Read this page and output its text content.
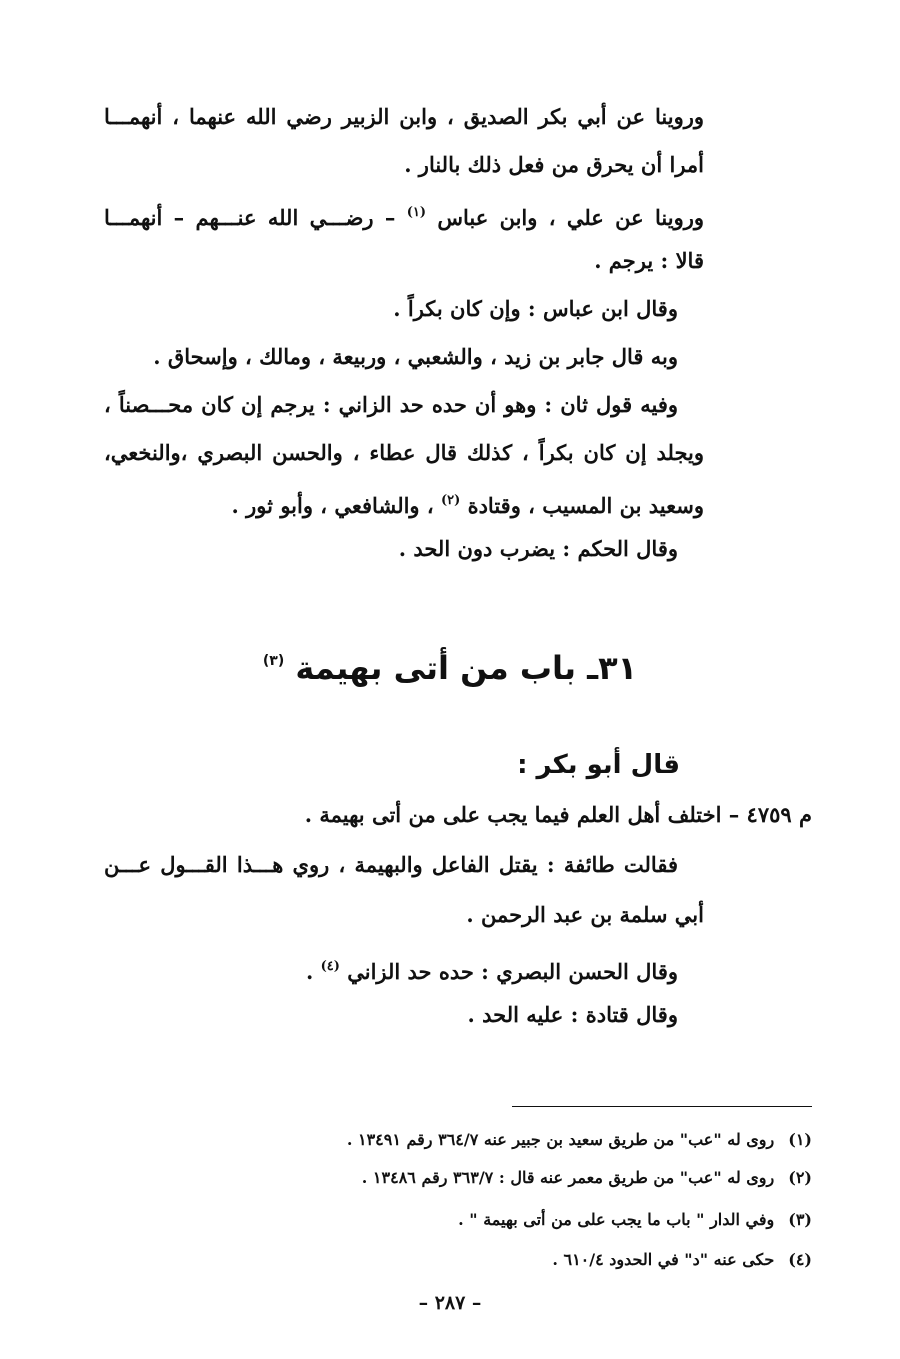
وروينا عن أبي بكر الصديق ، وابن الزبير رضي الله عنهما ، أنهمـــا
أمرا أن يحرق من فعل ذلك بالنار .
وروينا عن علي ، وابن عباس $^{(١)}$ – رضـــي الله عنـــهم – أنهمـــا
قالا : يرجم .
وقال ابن عباس : وإن كان بكراً .
وبه قال جابر بن زيد ، والشعبي ، وربيعة ، ومالك ، وإسحاق .
وفيه قول ثان : وهو أن حده حد الزاني : يرجم إن كان محـــصناً ،
ويجلد إن كان بكراً ، كذلك قال عطاء ، والحسن البصري ،والنخعي،
وسعيد بن المسيب ، وقتادة $^{(٢)}$ ، والشافعي ، وأبو ثور .
وقال الحكم : يضرب دون الحد .
٣١ـ باب من أتى بهيمة $^{(٣)}$
قال أبو بكر :
م ٤٧٥٩ – اختلف أهل العلم فيما يجب على من أتى بهيمة .
فقالت طائفة : يقتل الفاعل والبهيمة ، روي هـــذا القـــول عـــن
أبي سلمة بن عبد الرحمن .
وقال الحسن البصري : حده حد الزاني $^{(٤)}$ .
وقال قتادة : عليه الحد .
(١)روى له "عب" من طريق سعيد بن جبير عنه ٣٦٤/٧ رقم ١٣٤٩١ .
(٢)روى له "عب" من طريق معمر عنه قال : ٣٦٣/٧ رقم ١٣٤٨٦ .
(٣)وفي الدار " باب ما يجب على من أتى بهيمة " .
(٤)حكى عنه "د" في الحدود ٦١٠/٤ .
– ٢٨٧ –
